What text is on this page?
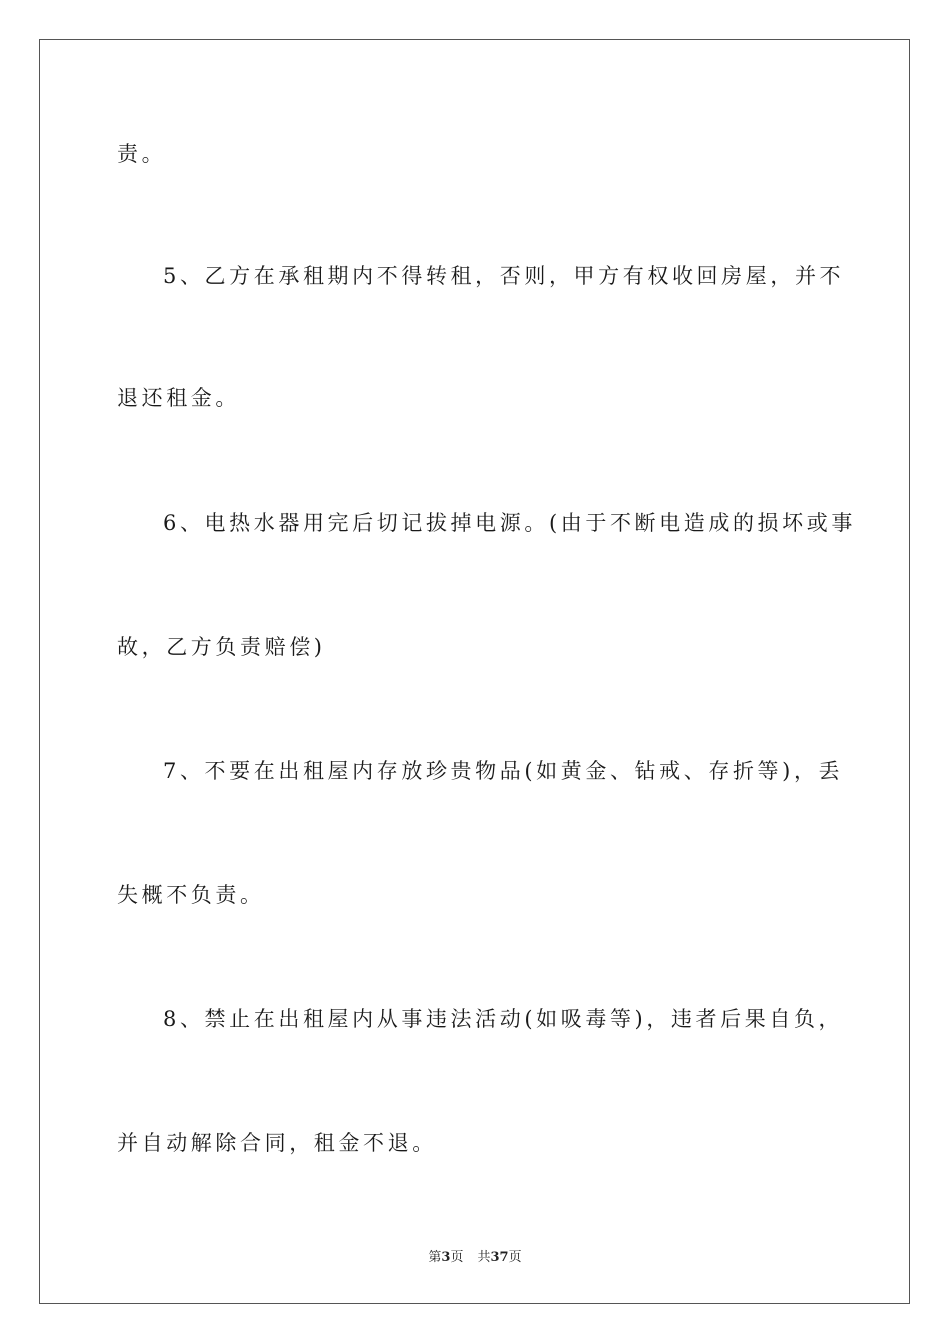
责。
5、乙方在承租期内不得转租，否则，甲方有权收回房屋，并不
退还租金。
6、电热水器用完后切记拔掉电源。(由于不断电造成的损坏或事
故，乙方负责赔偿)
7、不要在出租屋内存放珍贵物品(如黄金、钻戒、存折等)，丢
失概不负责。
8、禁止在出租屋内从事违法活动(如吸毒等)，违者后果自负，
并自动解除合同，租金不退。
第3页 共37页
